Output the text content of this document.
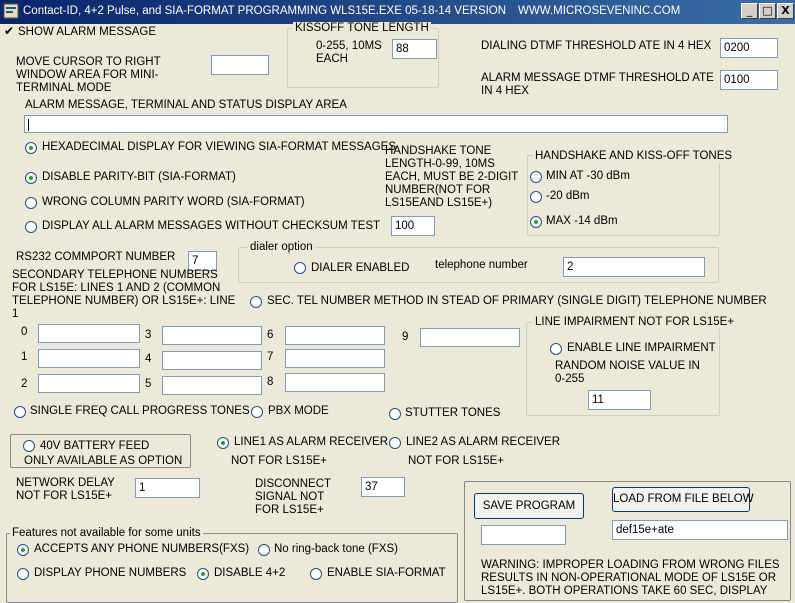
Contact-ID, 4+2 Pulse, and SIA-FORMAT PROGRAMMING WLS15E.EXE 05-18-14 VERSION WWW.MICROSEVENINC.COM	_ □ X
✔ SHOW ALARM MESSAGE
MOVE CURSOR TO RIGHT WINDOW AREA FOR MINI-TERMINAL MODE
KISSOFF TONE LENGTH
0-255, 10MS EACH
88	DIALING DTMF THRESHOLD ATE IN 4 HEX	0200
ALARM MESSAGE DTMF THRESHOLD ATE IN 4 HEX
0100
ALARM MESSAGE, TERMINAL AND STATUS DISPLAY AREA

HEXADECIMAL DISPLAY FOR VIEWING SIA-FORMAT MESSAGES
DISABLE PARITY-BIT (SIA-FORMAT)
WRONG COLUMN PARITY WORD (SIA-FORMAT)
DISPLAY ALL ALARM MESSAGES WITHOUT CHECKSUM TEST
HANDSHAKE TONE LENGTH-0-99, 10MS EACH, MUST BE 2-DIGIT NUMBER(NOT FOR LS15EAND LS15E+)
100
HANDSHAKE AND KISS-OFF TONES
MIN AT -30 dBm
-20 dBm
MAX -14 dBm
RS232 COMMPORT NUMBER	7
dialer option
DIALER ENABLED telephone number	2
SECONDARY TELEPHONE NUMBERS FOR LS15E: LINES 1 AND 2 (COMMON TELEPHONE NUMBER) OR LS15E+: LINE 1
SEC. TEL NUMBER METHOD IN STEAD OF PRIMARY (SINGLE DIGIT) TELEPHONE NUMBER
0
1
2
3
4
5
6
7
8
9
LINE IMPAIRMENT NOT FOR LS15E+
ENABLE LINE IMPAIRMENT
RANDOM NOISE VALUE IN 0-255
11
SINGLE FREQ CALL PROGRESS TONES PBX MODE	STUTTER TONES
40V BATTERY FEED
ONLY AVAILABLE AS OPTION
LINE1 AS ALARM RECEIVER
NOT FOR LS15E+
LINE2 AS ALARM RECEIVER
NOT FOR LS15E+
NETWORK DELAY NOT FOR LS15E+
1	DISCONNECT SIGNAL NOT FOR LS15E+
37
SAVE PROGRAM
LOAD FROM FILE BELOW
def15e+ate
WARNING: IMPROPER LOADING FROM WRONG FILES RESULTS IN NON-OPERATIONAL MODE OF LS15E OR LS15E+. BOTH OPERATIONS TAKE 60 SEC, DISPLAY
Features not available for some units
ACCEPTS ANY PHONE NUMBERS(FXS) No ring-back tone (FXS)
DISPLAY PHONE NUMBERS DISABLE 4+2	ENABLE SIA-FORMAT
